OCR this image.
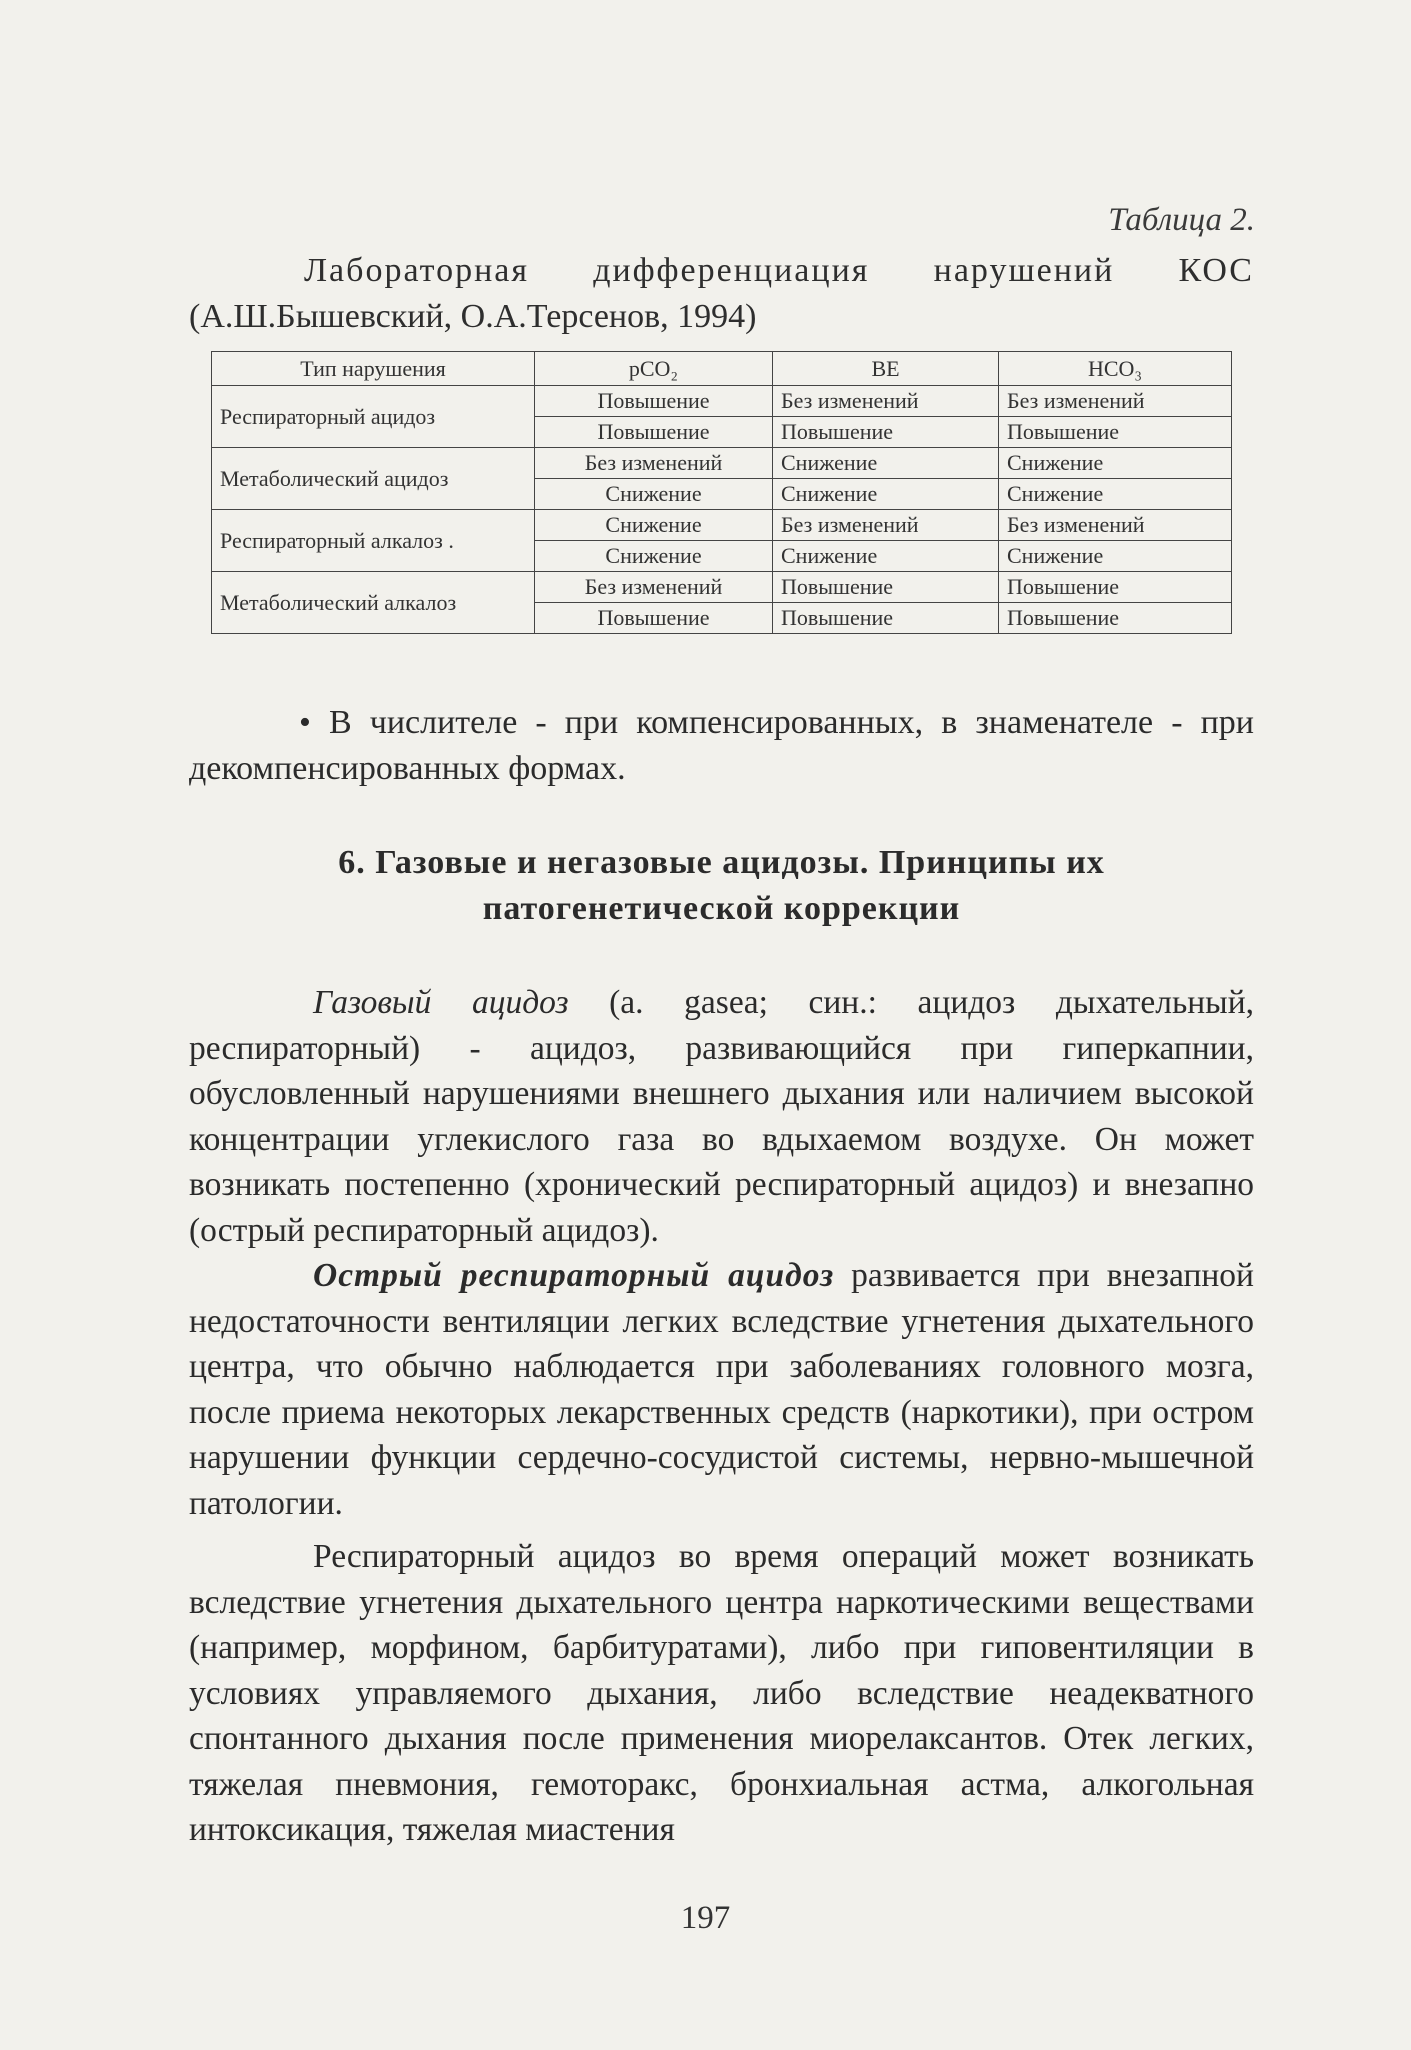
Таблица 2.
Лабораторная дифференциация нарушений КОС
(А.Ш.Бышевский, О.А.Терсенов, 1994)
Тип нарушения	pCO₂	BE	HCO₃
Респираторный ацидоз	Повышение	Без изменений	Без изменений
	Повышение	Повышение	Повышение
Метаболический ацидоз	Без изменений	Снижение	Снижение
	Снижение	Снижение	Снижение
Респираторный алкалоз .	Снижение	Без изменений	Без изменений
	Снижение	Снижение	Снижение
Метаболический алкалоз	Без изменений	Повышение	Повышение
	Повышение	Повышение	Повышение
• В числителе - при компенсированных, в знаменателе - при декомпенсированных формах.
6. Газовые и негазовые ацидозы. Принципы их
патогенетической коррекции

Газовый ацидоз (a. gasea; син.: ацидоз дыхательный, респираторный) - ацидоз, развивающийся при гиперкапнии, обусловленный нарушениями внешнего дыхания или наличием высокой концентрации углекислого газа во вдыхаемом воздухе. Он может возникать постепенно (хронический респираторный ацидоз) и внезапно (острый респираторный ацидоз).

Острый респираторный ацидоз развивается при внезапной недостаточности вентиляции легких вследствие угнетения дыхательного центра, что обычно наблюдается при заболеваниях головного мозга, после приема некоторых лекарственных средств (наркотики), при остром нарушении функции сердечно-сосудистой системы, нервно-мышечной патологии.

Респираторный ацидоз во время операций может возникать вследствие угнетения дыхательного центра наркотическими веществами (например, морфином, барбитуратами), либо при гиповентиляции в условиях управляемого дыхания, либо вследствие неадекватного спонтанного дыхания после применения миорелаксантов. Отек легких, тяжелая пневмония, гемоторакс, бронхиальная астма, алкогольная интоксикация, тяжелая миастения

197
